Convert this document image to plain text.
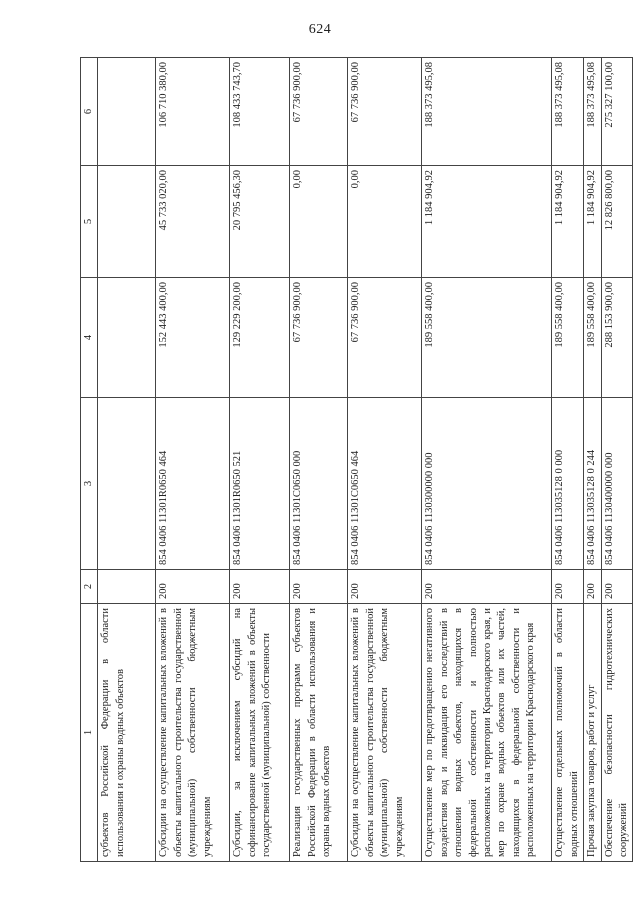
624
1	2	3	4	5	6
субъектов Российской Федерации в области использования и охраны водных объектов					
Субсидии на осуществление капитальных вложений в объекты капитального строительства государственной (муниципальной) собственности бюджетным учреждениям	200	854 0406 11301R0650 464	152 443 400,00	45 733 020,00	106 710 380,00
Субсидии, за исключением субсидий на софинансирование капитальных вложений в объекты государственной (муниципальной) собственности	200	854 0406 11301R0650 521	129 229 200,00	20 795 456,30	108 433 743,70
Реализация государственных программ субъектов Российской Федерации в области использования и охраны водных объектов	200	854 0406 11301C0650 000	67 736 900,00	0,00	67 736 900,00
Субсидии на осуществление капитальных вложений в объекты капитального строительства государственной (муниципальной) собственности бюджетным учреждениям	200	854 0406 11301C0650 464	67 736 900,00	0,00	67 736 900,00
Осуществление мер по предотвращению негативного воздействия вод и ликвидация его последствий в отношении водных объектов, находящихся в федеральной собственности и полностью расположенных на территории Краснодарского края, и мер по охране водных объектов или их частей, находящихся в федеральной собственности и расположенных на территории Краснодарского края	200	854 0406 1130300000 000	189 558 400,00	1 184 904,92	188 373 495,08
Осуществление отдельных полномочий в области водных отношений	200	854 0406 113035128 0 000	189 558 400,00	1 184 904,92	188 373 495,08
Прочая закупка товаров, работ и услуг	200	854 0406 113035128 0 244	189 558 400,00	1 184 904,92	188 373 495,08
Обеспечение безопасности гидротехнических сооружений	200	854 0406 1130400000 000	288 153 900,00	12 826 800,00	275 327 100,00
